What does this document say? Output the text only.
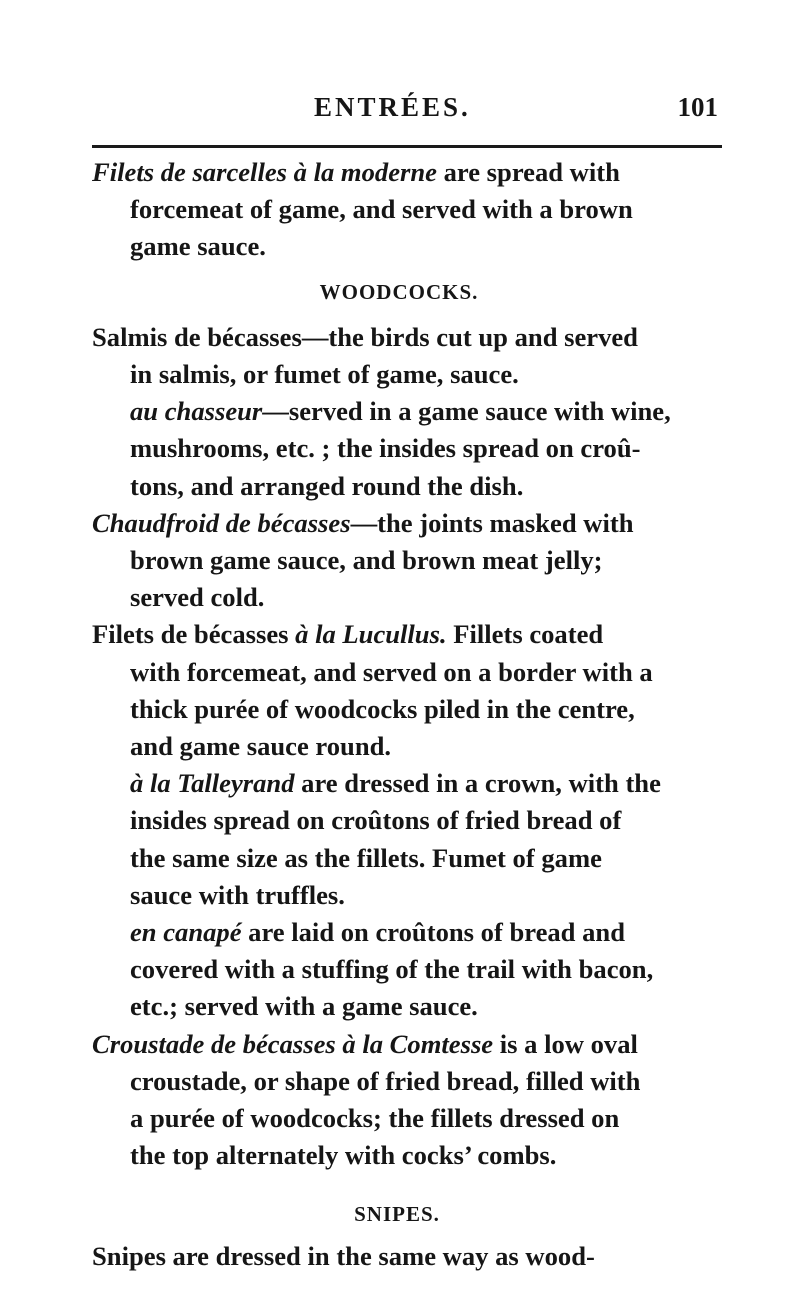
ENTRÉES.	101

Filets de sarcelles à la moderne are spread with
forcemeat of game, and served with a brown
game sauce.

WOODCOCKS.

Salmis de bécasses—the birds cut up and served
in salmis, or fumet of game, sauce.

au chasseur—served in a game sauce with wine,
mushrooms, etc. ; the insides spread on croû-
tons, and arranged round the dish.

Chaudfroid de bécasses—the joints masked with
brown game sauce, and brown meat jelly;
served cold.

Filets de bécasses à la Lucullus. Fillets coated
with forcemeat, and served on a border with a
thick purée of woodcocks piled in the centre,
and game sauce round.

à la Talleyrand are dressed in a crown, with the
insides spread on croûtons of fried bread of
the same size as the fillets. Fumet of game
sauce with truffles.

en canapé are laid on croûtons of bread and
covered with a stuffing of the trail with bacon,
etc.; served with a game sauce.

Croustade de bécasses à la Comtesse is a low oval
croustade, or shape of fried bread, filled with
a purée of woodcocks; the fillets dressed on
the top alternately with cocks’ combs.

SNIPES.

Snipes are dressed in the same way as wood-
